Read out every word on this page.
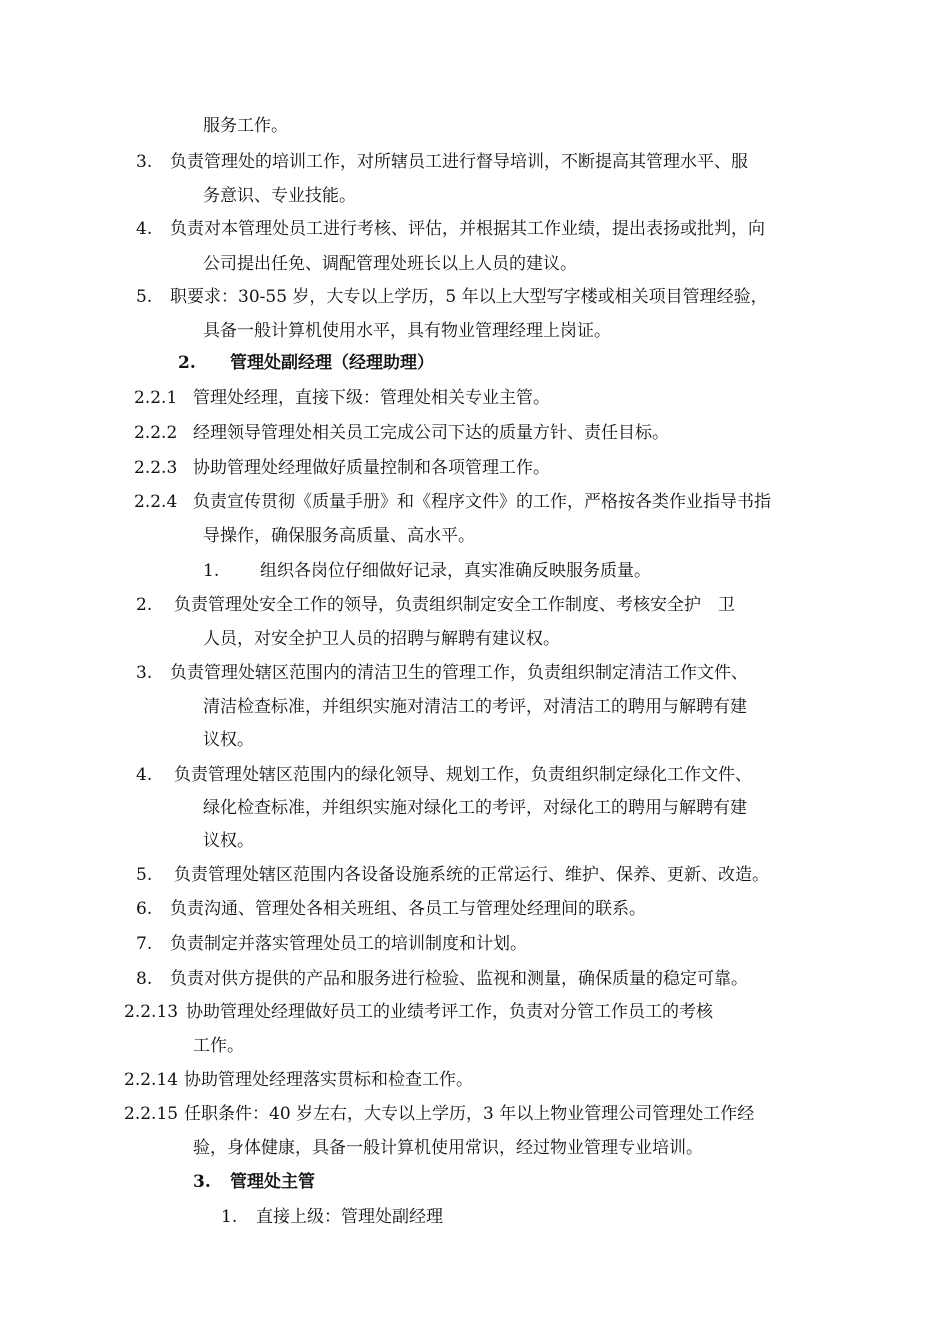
服务工作。
3. 负责管理处的培训工作，对所辖员工进行督导培训，不断提高其管理水平、服
务意识、专业技能。
4. 负责对本管理处员工进行考核、评估，并根据其工作业绩，提出表扬或批判，向
公司提出任免、调配管理处班长以上人员的建议。
5. 职要求：30-55 岁，大专以上学历，5 年以上大型写字楼或相关项目管理经验，
具备一般计算机使用水平，具有物业管理经理上岗证。
2. 管理处副经理（经理助理）
2.2.1 管理处经理，直接下级：管理处相关专业主管。
2.2.2 经理领导管理处相关员工完成公司下达的质量方针、责任目标。
2.2.3 协助管理处经理做好质量控制和各项管理工作。
2.2.4 负责宣传贯彻《质量手册》和《程序文件》的工作，严格按各类作业指导书指
导操作，确保服务高质量、高水平。
1. 组织各岗位仔细做好记录，真实准确反映服务质量。
2. 负责管理处安全工作的领导，负责组织制定安全工作制度、考核安全护　卫
人员，对安全护卫人员的招聘与解聘有建议权。
3. 负责管理处辖区范围内的清洁卫生的管理工作，负责组织制定清洁工作文件、
清洁检查标准，并组织实施对清洁工的考评，对清洁工的聘用与解聘有建
议权。
4. 负责管理处辖区范围内的绿化领导、规划工作，负责组织制定绿化工作文件、
绿化检查标准，并组织实施对绿化工的考评，对绿化工的聘用与解聘有建
议权。
5. 负责管理处辖区范围内各设备设施系统的正常运行、维护、保养、更新、改造。
6. 负责沟通、管理处各相关班组、各员工与管理处经理间的联系。
7. 负责制定并落实管理处员工的培训制度和计划。
8. 负责对供方提供的产品和服务进行检验、监视和测量，确保质量的稳定可靠。
2.2.13 协助管理处经理做好员工的业绩考评工作，负责对分管工作员工的考核
工作。
2.2.14 协助管理处经理落实贯标和检查工作。
2.2.15 任职条件：40 岁左右，大专以上学历，3 年以上物业管理公司管理处工作经
验，身体健康，具备一般计算机使用常识，经过物业管理专业培训。
3. 管理处主管
1. 直接上级：管理处副经理
